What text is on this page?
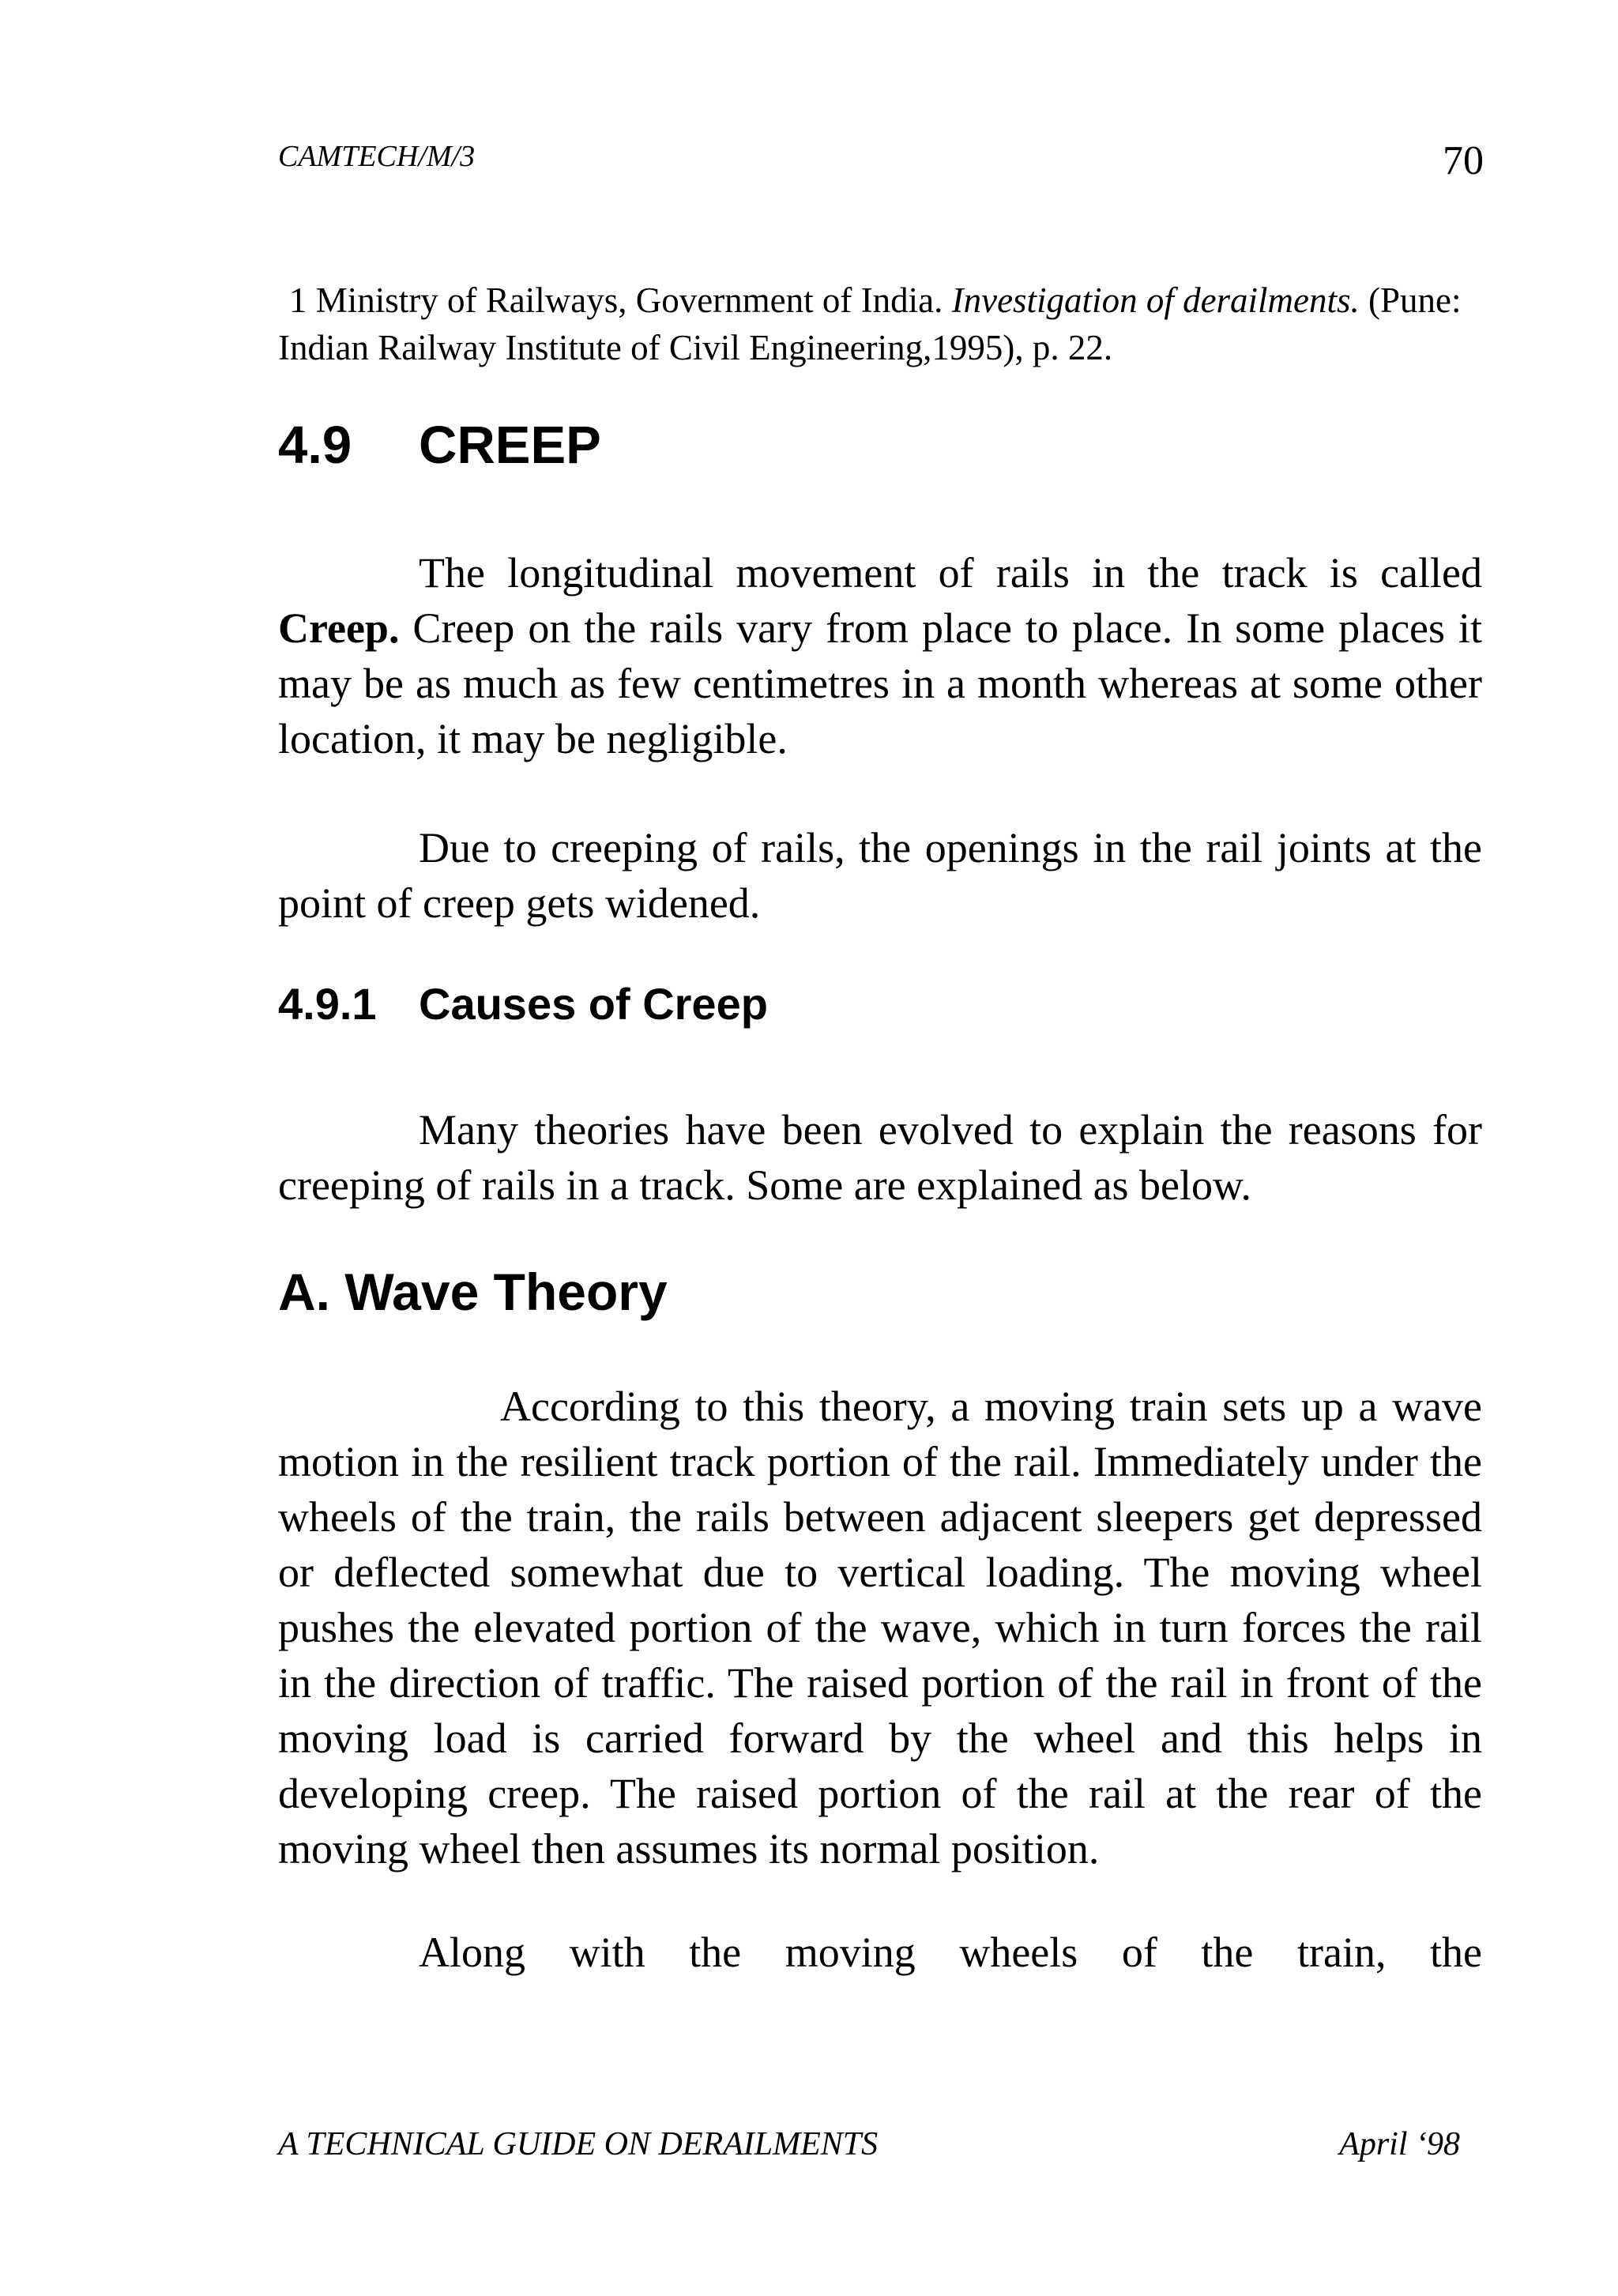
CAMTECH/M/3	70
1 Ministry of Railways, Government of India. Investigation of derailments. (Pune: Indian Railway Institute of Civil Engineering,1995), p. 22.
4.9 CREEP
The longitudinal movement of rails in the track is called Creep. Creep on the rails vary from place to place. In some places it may be as much as few centimetres in a month whereas at some other location, it may be negligible.
Due to creeping of rails, the openings in the rail joints at the point of creep gets widened.
4.9.1 Causes of Creep
Many theories have been evolved to explain the reasons for creeping of rails in a track. Some are explained as below.
A. Wave Theory
According to this theory, a moving train sets up a wave motion in the resilient track portion of the rail. Immediately under the wheels of the train, the rails between adjacent sleepers get depressed or deflected somewhat due to vertical loading. The moving wheel pushes the elevated portion of the wave, which in turn forces the rail in the direction of traffic. The raised portion of the rail in front of the moving load is carried forward by the wheel and this helps in developing creep. The raised portion of the rail at the rear of the moving wheel then assumes its normal position.
Along with the moving wheels of the train, the
A TECHNICAL GUIDE ON DERAILMENTS	April ‘98
